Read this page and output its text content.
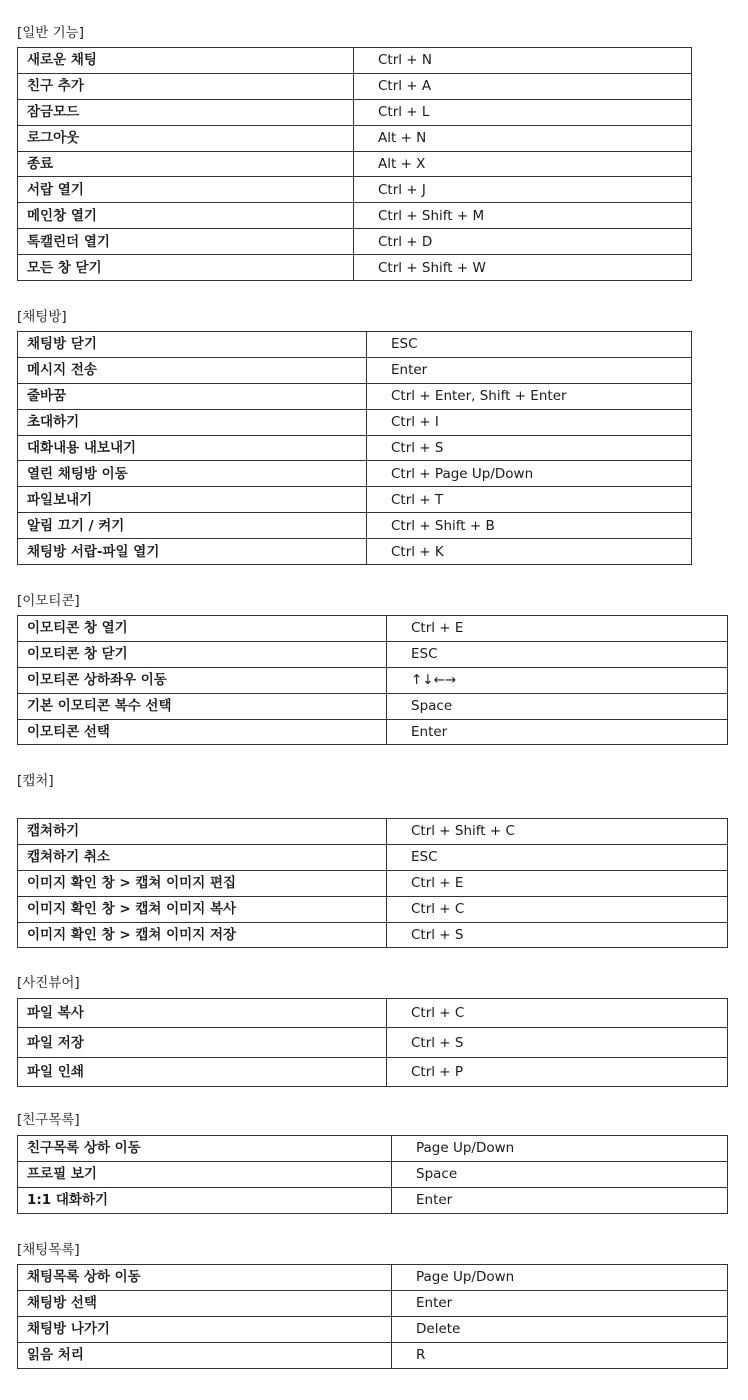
[일반 기능]
새로운 채팅	Ctrl + N
친구 추가	Ctrl + A
잠금모드	Ctrl + L
로그아웃	Alt + N
종료	Alt + X
서랍 열기	Ctrl + J
메인창 열기	Ctrl + Shift + M
톡캘린더 열기	Ctrl + D
모든 창 닫기	Ctrl + Shift + W
[채팅방]
채팅방 닫기	ESC
메시지 전송	Enter
줄바꿈	Ctrl + Enter, Shift + Enter
초대하기	Ctrl + I
대화내용 내보내기	Ctrl + S
열린 채팅방 이동	Ctrl + Page Up/Down
파일보내기	Ctrl + T
알림 끄기 / 켜기	Ctrl + Shift + B
채팅방 서랍-파일 열기	Ctrl + K
[이모티콘]
이모티콘 창 열기	Ctrl + E
이모티콘 창 닫기	ESC
이모티콘 상하좌우 이동	↑↓←→
기본 이모티콘 복수 선택	Space
이모티콘 선택	Enter
[캡처]
캡쳐하기	Ctrl + Shift + C
캡쳐하기 취소	ESC
이미지 확인 창 > 캡쳐 이미지 편집	Ctrl + E
이미지 확인 창 > 캡쳐 이미지 복사	Ctrl + C
이미지 확인 창 > 캡쳐 이미지 저장	Ctrl + S
[사진뷰어]
파일 복사	Ctrl + C
파일 저장	Ctrl + S
파일 인쇄	Ctrl + P
[친구목록]
친구목록 상하 이동	Page Up/Down
프로필 보기	Space
1:1 대화하기	Enter
[채팅목록]
채팅목록 상하 이동	Page Up/Down
채팅방 선택	Enter
채팅방 나가기	Delete
읽음 처리	R
